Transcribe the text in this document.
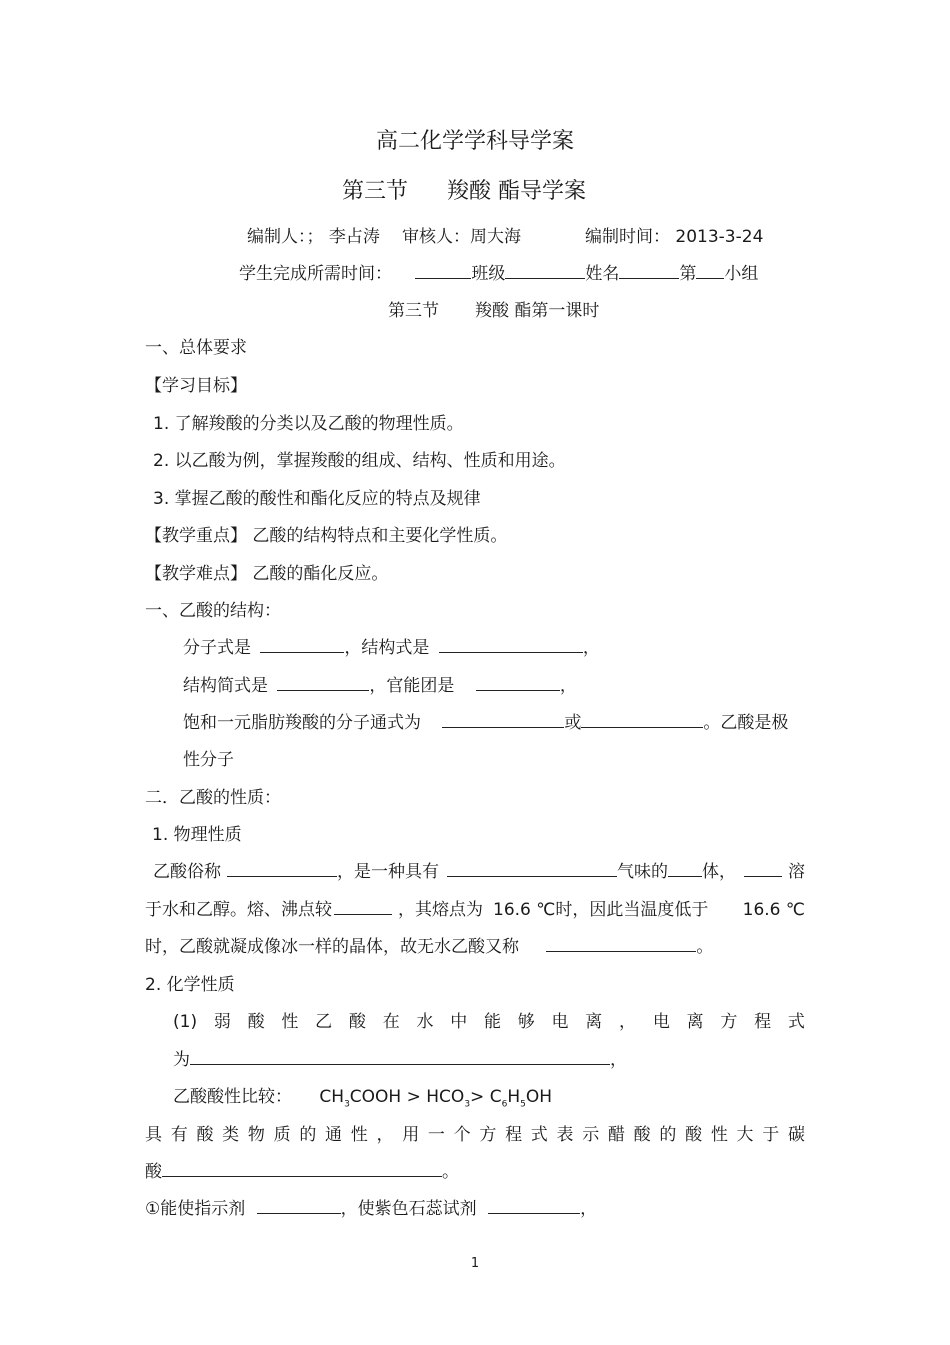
高二化学学科导学案
第三节 羧酸 酯导学案
编制人：； 李占涛 审核人：周大海	编制时间： 2013-3-24
学生完成所需时间：	班级	姓名	第 小组
第三节 羧酸 酯第一课时
一、总体要求
【学习目标】
1. 了解羧酸的分类以及乙酸的物理性质。
2. 以乙酸为例，掌握羧酸的组成、结构、性质和用途。
3. 掌握乙酸的酸性和酯化反应的特点及规律
【教学重点】 乙酸的结构特点和主要化学性质。
【教学难点】 乙酸的酯化反应。
一、乙酸的结构：
分子式是	，结构式是	，
结构简式是	，官能团是	，
饱和一元脂肪羧酸的分子通式为	或	。乙酸是极
性分子
二．乙酸的性质：
1. 物理性质
乙酸俗称	，是一种具有	气味的 体，	溶
于水和乙醇。熔、沸点较	，其熔点为 16.6 ℃时，因此当温度低于 16.6 ℃
时，乙酸就凝成像冰一样的晶体，故无水乙酸又称	。
2. 化学性质
(1) 弱 酸 性 乙 酸 在 水 中 能 够 电 离 ， 电 离 方 程 式
为	，
乙酸酸性比较： $CH_3COOH > HCO_3> C_6H_5OH$
具 有 酸 类 物 质 的 通 性 ， 用 一 个 方 程 式 表 示 醋 酸 的 酸 性 大 于 碳
酸	。
①能使指示剂	，使紫色石蕊试剂	，
1
